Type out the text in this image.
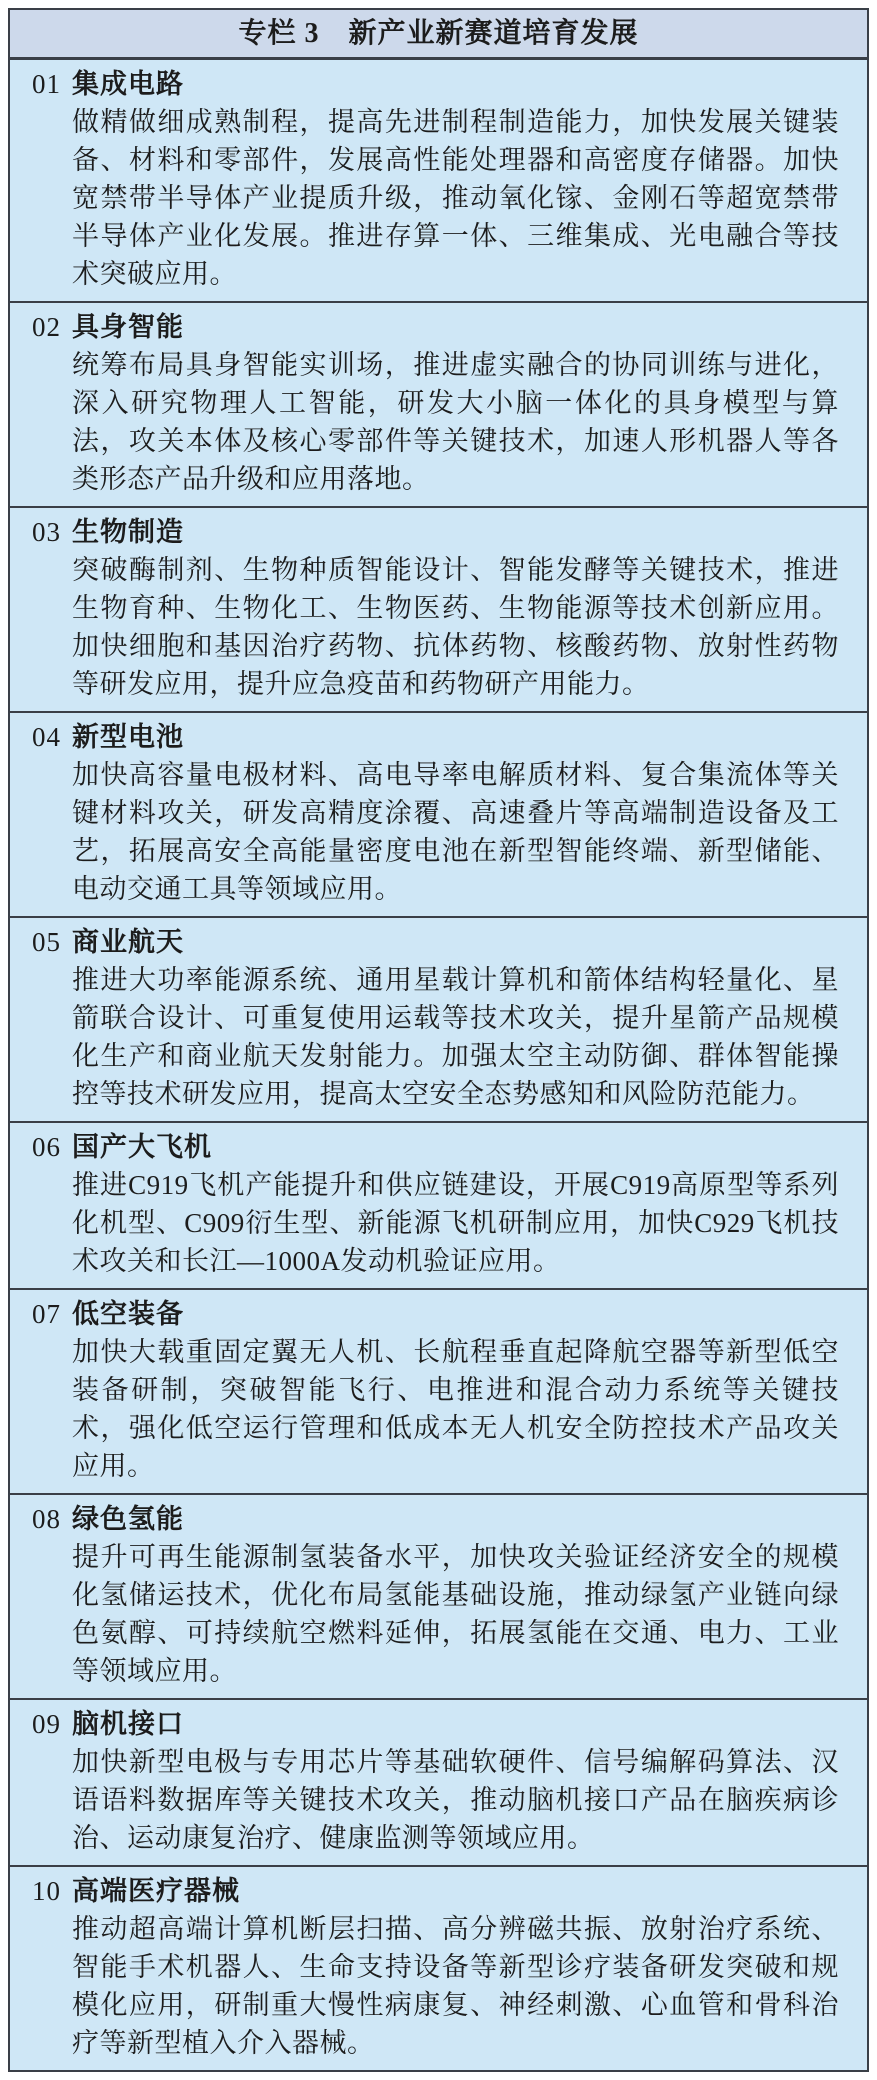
专栏 3　新产业新赛道培育发展
01 集成电路
做精做细成熟制程，提高先进制程制造能力，加快发展关键装备、材料和零部件，发展高性能处理器和高密度存储器。加快宽禁带半导体产业提质升级，推动氧化镓、金刚石等超宽禁带半导体产业化发展。推进存算一体、三维集成、光电融合等技术突破应用。
02 具身智能
统筹布局具身智能实训场，推进虚实融合的协同训练与进化，深入研究物理人工智能，研发大小脑一体化的具身模型与算法，攻关本体及核心零部件等关键技术，加速人形机器人等各类形态产品升级和应用落地。
03 生物制造
突破酶制剂、生物种质智能设计、智能发酵等关键技术，推进生物育种、生物化工、生物医药、生物能源等技术创新应用。加快细胞和基因治疗药物、抗体药物、核酸药物、放射性药物等研发应用，提升应急疫苗和药物研产用能力。
04 新型电池
加快高容量电极材料、高电导率电解质材料、复合集流体等关键材料攻关，研发高精度涂覆、高速叠片等高端制造设备及工艺，拓展高安全高能量密度电池在新型智能终端、新型储能、电动交通工具等领域应用。
05 商业航天
推进大功率能源系统、通用星载计算机和箭体结构轻量化、星箭联合设计、可重复使用运载等技术攻关，提升星箭产品规模化生产和商业航天发射能力。加强太空主动防御、群体智能操控等技术研发应用，提高太空安全态势感知和风险防范能力。
06 国产大飞机
推进C919飞机产能提升和供应链建设，开展C919高原型等系列化机型、C909衍生型、新能源飞机研制应用，加快C929飞机技术攻关和长江—1000A发动机验证应用。
07 低空装备
加快大载重固定翼无人机、长航程垂直起降航空器等新型低空装备研制，突破智能飞行、电推进和混合动力系统等关键技术，强化低空运行管理和低成本无人机安全防控技术产品攻关应用。
08 绿色氢能
提升可再生能源制氢装备水平，加快攻关验证经济安全的规模化氢储运技术，优化布局氢能基础设施，推动绿氢产业链向绿色氨醇、可持续航空燃料延伸，拓展氢能在交通、电力、工业等领域应用。
09 脑机接口
加快新型电极与专用芯片等基础软硬件、信号编解码算法、汉语语料数据库等关键技术攻关，推动脑机接口产品在脑疾病诊治、运动康复治疗、健康监测等领域应用。
10 高端医疗器械
推动超高端计算机断层扫描、高分辨磁共振、放射治疗系统、智能手术机器人、生命支持设备等新型诊疗装备研发突破和规模化应用，研制重大慢性病康复、神经刺激、心血管和骨科治疗等新型植入介入器械。
